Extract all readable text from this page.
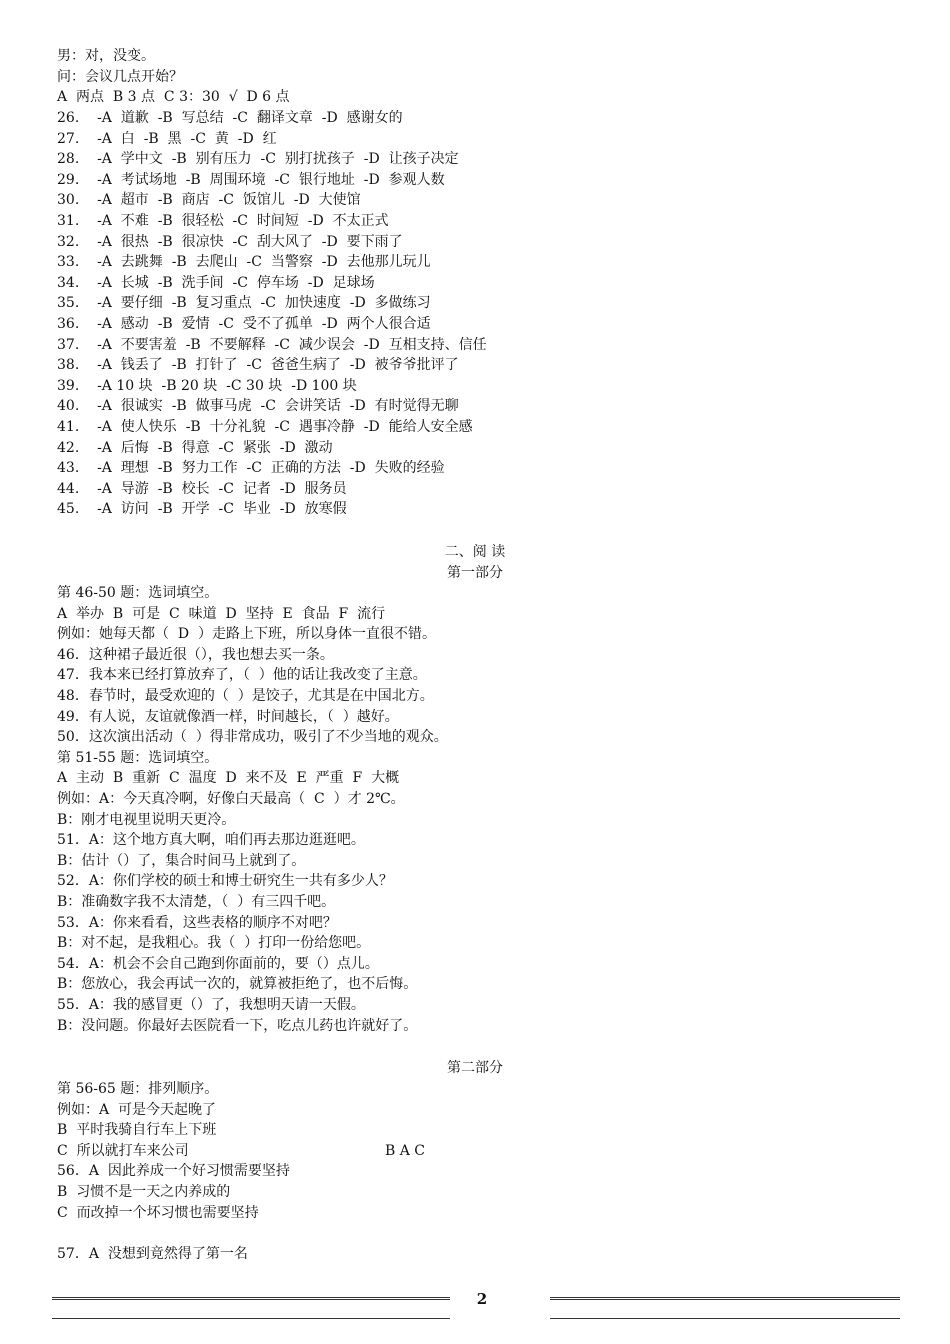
男：对，没变。
问：会议几点开始？
A  两点  B 3 点  C 3：30  √  D 6 点
26.    -A  道歉  -B  写总结  -C  翻译文章  -D  感谢女的
27.    -A  白  -B  黑  -C  黄  -D  红
28.    -A  学中文  -B  别有压力  -C  别打扰孩子  -D  让孩子决定
29.    -A  考试场地  -B  周围环境  -C  银行地址  -D  参观人数
30.    -A  超市  -B  商店  -C  饭馆儿  -D  大使馆
31.    -A  不难  -B  很轻松  -C  时间短  -D  不太正式
32.    -A  很热  -B  很凉快  -C  刮大风了  -D  要下雨了
33.    -A  去跳舞  -B  去爬山  -C  当警察  -D  去他那儿玩儿
34.    -A  长城  -B  洗手间  -C  停车场  -D  足球场
35.    -A  要仔细  -B  复习重点  -C  加快速度  -D  多做练习
36.    -A  感动  -B  爱情  -C  受不了孤单  -D  两个人很合适
37.    -A  不要害羞  -B  不要解释  -C  减少误会  -D  互相支持、信任
38.    -A  钱丢了  -B  打针了  -C  爸爸生病了  -D  被爷爷批评了
39.    -A 10 块  -B 20 块  -C 30 块  -D 100 块
40.    -A  很诚实  -B  做事马虎  -C  会讲笑话  -D  有时觉得无聊
41.    -A  使人快乐  -B  十分礼貌  -C  遇事冷静  -D  能给人安全感
42.    -A  后悔  -B  得意  -C  紧张  -D  激动
43.    -A  理想  -B  努力工作  -C  正确的方法  -D  失败的经验
44.    -A  导游  -B  校长  -C  记者  -D  服务员
45.    -A  访问  -B  开学  -C  毕业  -D  放寒假
二、阅 读
第一部分
第 46-50 题：选词填空。
A  举办  B  可是  C  味道  D  坚持  E  食品  F  流行
例如：她每天都（  D  ）走路上下班，所以身体一直很不错。
46．这种裙子最近很（），我也想去买一条。
47．我本来已经打算放弃了，（  ）他的话让我改变了主意。
48．春节时，最受欢迎的（  ）是饺子，尤其是在中国北方。
49．有人说，友谊就像酒一样，时间越长，（  ）越好。
50．这次演出活动（  ）得非常成功，吸引了不少当地的观众。
第 51-55 题：选词填空。
A  主动  B  重新  C  温度  D  来不及  E  严重  F  大概
例如：A：今天真冷啊，好像白天最高（  C  ）才 2℃。
B：刚才电视里说明天更冷。
51．A：这个地方真大啊，咱们再去那边逛逛吧。
B：估计（）了，集合时间马上就到了。
52．A：你们学校的硕士和博士研究生一共有多少人？
B：准确数字我不太清楚，（  ）有三四千吧。
53．A：你来看看，这些表格的顺序不对吧？
B：对不起，是我粗心。我（  ）打印一份给您吧。
54．A：机会不会自己跑到你面前的，要（）点儿。
B：您放心，我会再试一次的，就算被拒绝了，也不后悔。
55．A：我的感冒更（）了，我想明天请一天假。
B：没问题。你最好去医院看一下，吃点儿药也许就好了。
第二部分
第 56-65 题：排列顺序。
例如：A  可是今天起晚了
B  平时我骑自行车上下班
C  所以就打车来公司
56．A  因此养成一个好习惯需要坚持
B  习惯不是一天之内养成的
C  而改掉一个坏习惯也需要坚持
57．A  没想到竟然得了第一名
B A C
2
